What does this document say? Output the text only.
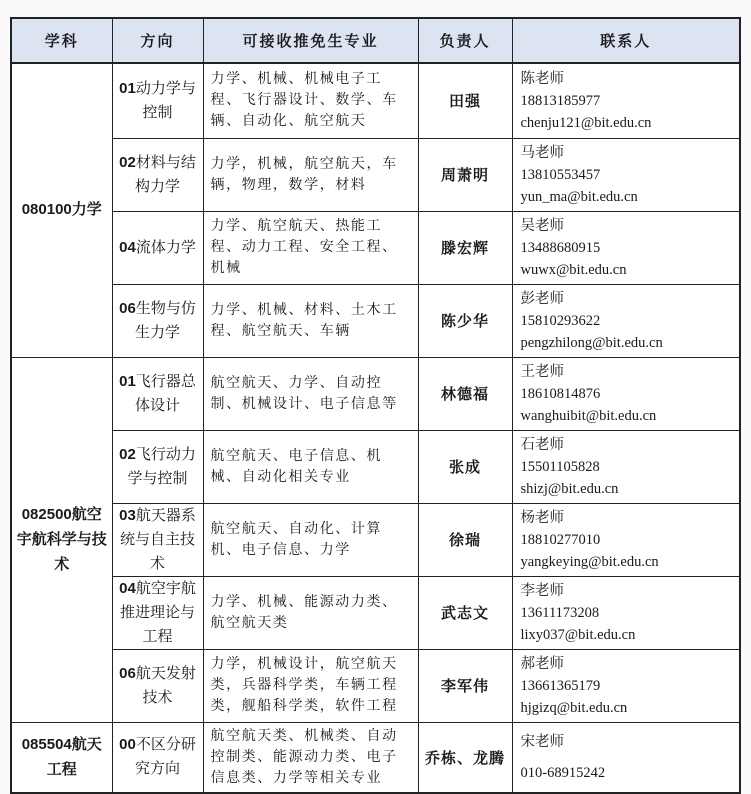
学科	方向	可接收推免生专业	负责人	联系人
080100力学	01动力学与控制	力学、机械、机械电子工程、飞行器设计、数学、车辆、自动化、航空航天	田强	陈老师
18813185977
chenju121@bit.edu.cn

	02材料与结构力学	力学，机械，航空航天，车辆，物理，数学，材料	周萧明	马老师
13810553457
yun_ma@bit.edu.cn

	04流体力学	力学、航空航天、热能工程、动力工程、安全工程、机械	滕宏辉	吴老师
13488680915
wuwx@bit.edu.cn

	06生物与仿生力学	力学、机械、材料、土木工程、航空航天、车辆	陈少华	彭老师
15810293622
pengzhilong@bit.edu.cn

082500航空宇航科学与技术	01飞行器总体设计	航空航天、力学、自动控制、机械设计、电子信息等	林德福	王老师
18610814876
wanghuibit@bit.edu.cn

	02飞行动力学与控制	航空航天、电子信息、机械、自动化相关专业	张成	石老师
15501105828
shizj@bit.edu.cn

	03航天器系统与自主技术	航空航天、自动化、计算机、电子信息、力学	徐瑞	杨老师
18810277010
yangkeying@bit.edu.cn

	04航空宇航推进理论与工程	力学、机械、能源动力类、航空航天类	武志文	李老师
13611173208
lixy037@bit.edu.cn

	06航天发射技术	力学，机械设计，航空航天类，兵器科学类，车辆工程类，舰船科学类，软件工程	李军伟	郝老师
13661365179
hjgizq@bit.edu.cn

085504航天工程	00不区分研究方向	航空航天类、机械类、自动控制类、能源动力类、电子信息类、力学等相关专业	乔栋、龙腾	宋老师
010-68915242
